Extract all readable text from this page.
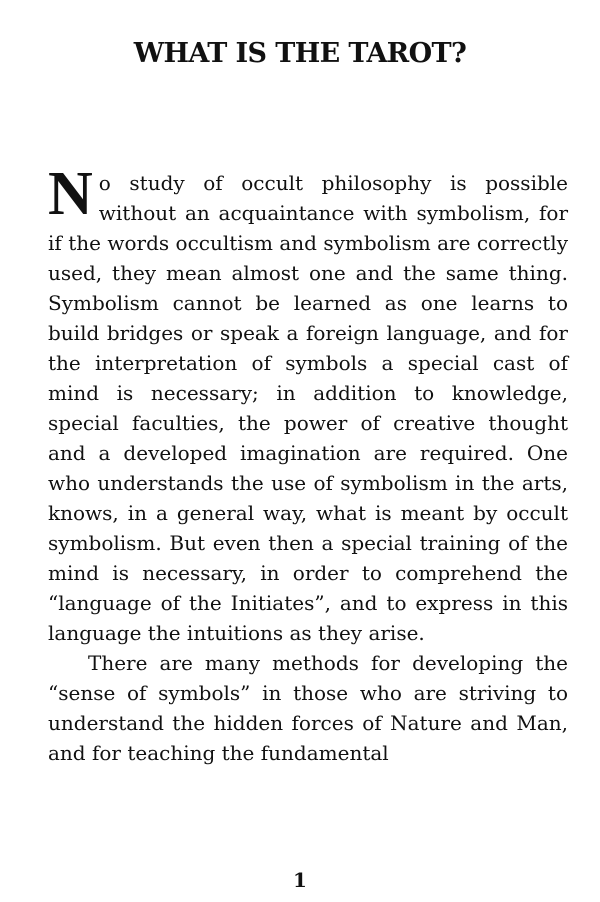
WHAT IS THE TAROT?

No study of occult philosophy is possible without an acquaintance with symbolism, for if the words occultism and symbolism are correctly used, they mean almost one and the same thing. Symbolism cannot be learned as one learns to build bridges or speak a foreign language, and for the interpretation of symbols a special cast of mind is necessary; in addition to knowledge, special faculties, the power of creative thought and a developed imagination are required. One who understands the use of symbolism in the arts, knows, in a general way, what is meant by occult symbolism. But even then a special training of the mind is necessary, in order to comprehend the “language of the Initiates”, and to express in this language the intuitions as they arise.

There are many methods for developing the “sense of symbols” in those who are striving to understand the hidden forces of Nature and Man, and for teaching the fundamental

1
